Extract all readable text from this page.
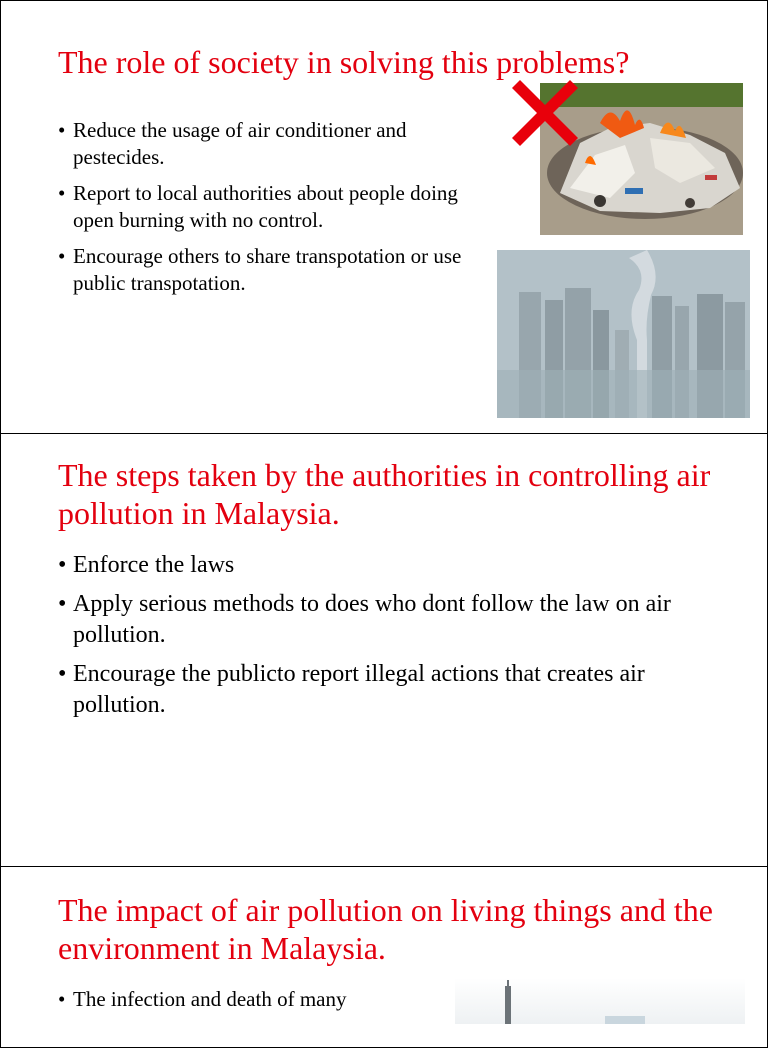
The role of society in solving this problems?
• Reduce the usage of air conditioner and pestecides.
• Report to local authorities about people doing open burning with no control.
• Encourage others to share transpotation or use public transpotation.
The steps taken by the authorities in controlling air pollution in Malaysia.
• Enforce the laws
• Apply serious methods to does who dont follow the law on air pollution.
• Encourage the publicto report illegal actions that creates air pollution.
The impact of air pollution on living things and the environment in Malaysia.
• The infection and death of many
